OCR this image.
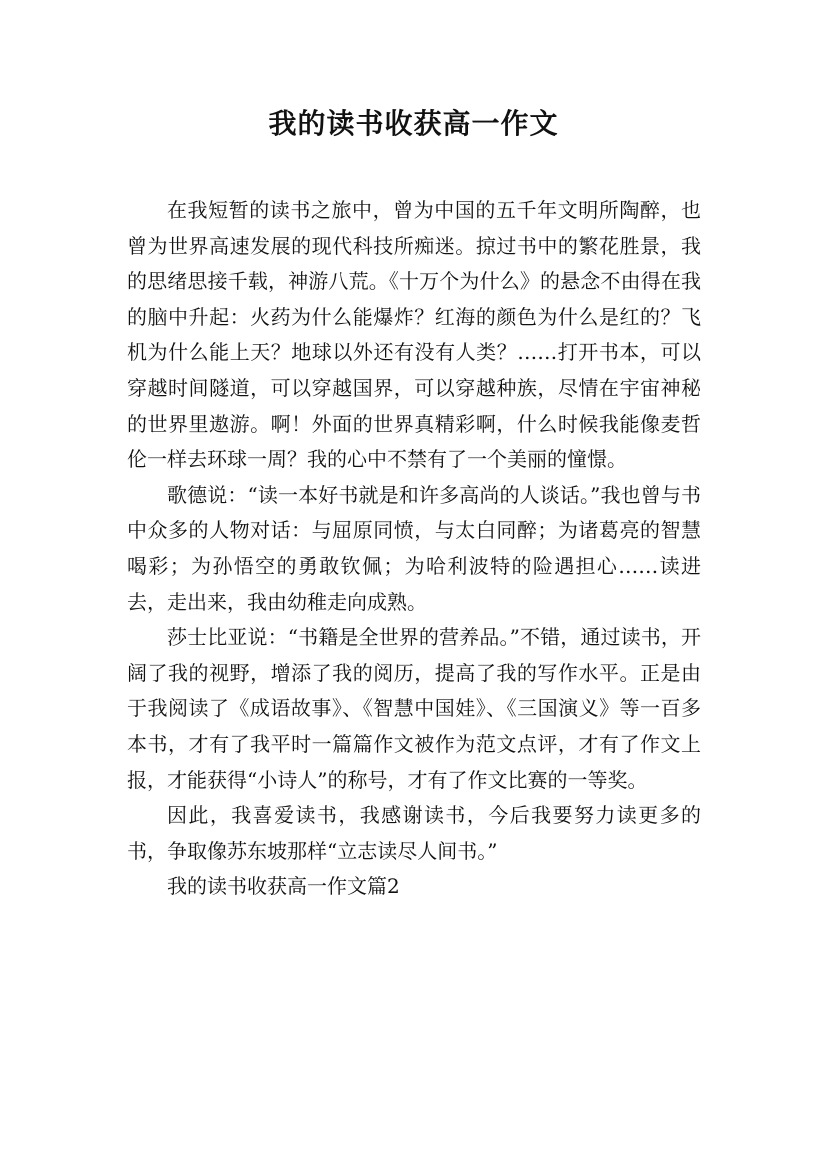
我的读书收获高一作文

在我短暂的读书之旅中，曾为中国的五千年文明所陶醉，也曾为世界高速发展的现代科技所痴迷。掠过书中的繁花胜景，我的思绪思接千载，神游八荒。《十万个为什么》的悬念不由得在我的脑中升起：火药为什么能爆炸？红海的颜色为什么是红的？飞机为什么能上天？地球以外还有没有人类？……打开书本，可以穿越时间隧道，可以穿越国界，可以穿越种族，尽情在宇宙神秘的世界里遨游。啊！外面的世界真精彩啊，什么时候我能像麦哲伦一样去环球一周？我的心中不禁有了一个美丽的憧憬。

歌德说：“读一本好书就是和许多高尚的人谈话。”我也曾与书中众多的人物对话：与屈原同愤，与太白同醉；为诸葛亮的智慧喝彩；为孙悟空的勇敢钦佩；为哈利波特的险遇担心……读进去，走出来，我由幼稚走向成熟。

莎士比亚说：“书籍是全世界的营养品。”不错，通过读书，开阔了我的视野，增添了我的阅历，提高了我的写作水平。正是由于我阅读了《成语故事》、《智慧中国娃》、《三国演义》等一百多本书，才有了我平时一篇篇作文被作为范文点评，才有了作文上报，才能获得“小诗人”的称号，才有了作文比赛的一等奖。

因此，我喜爱读书，我感谢读书，今后我要努力读更多的书，争取像苏东坡那样“立志读尽人间书。”

我的读书收获高一作文篇2
